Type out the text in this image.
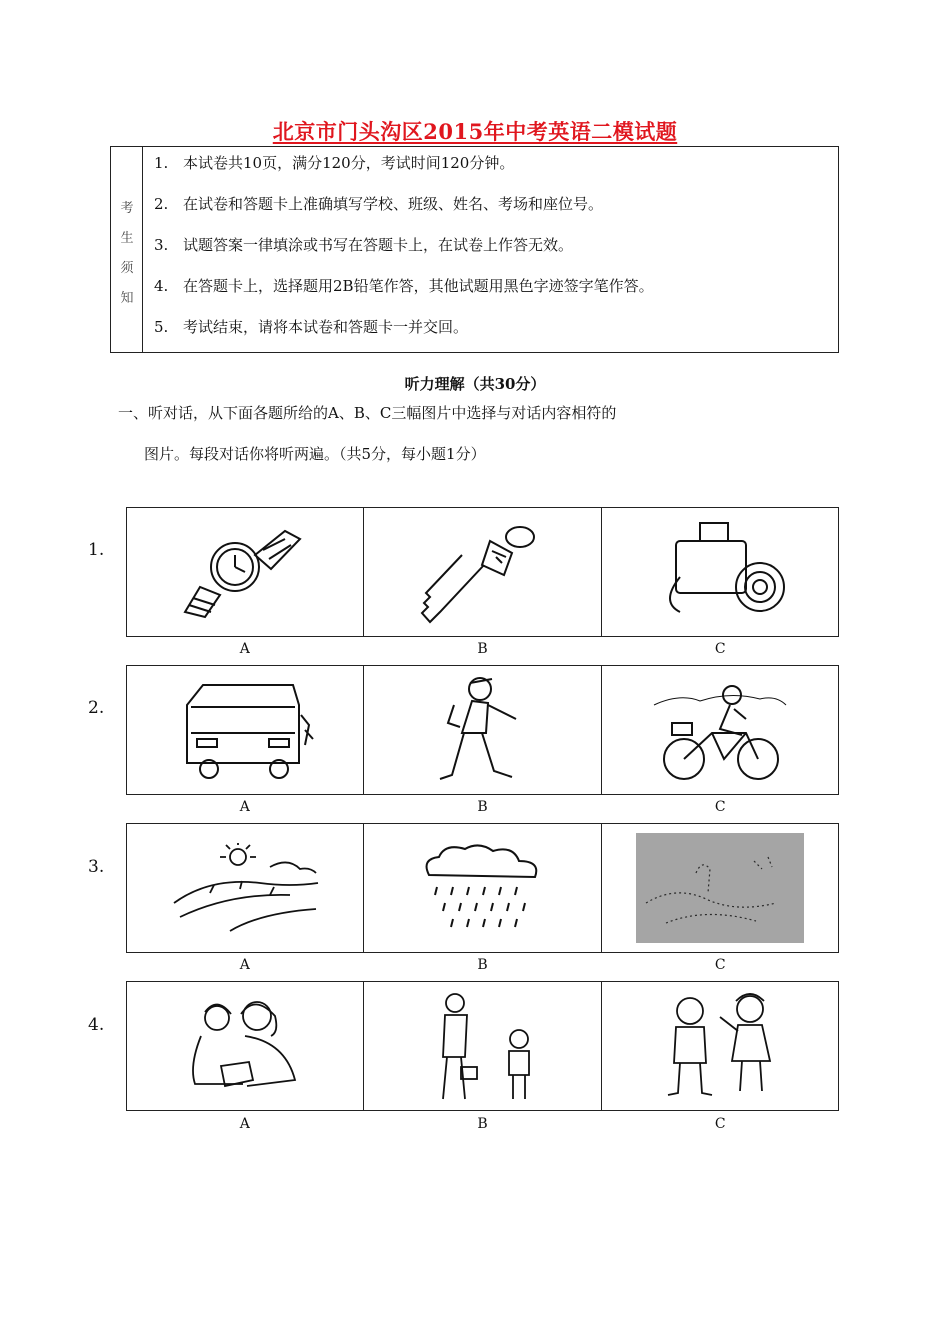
北京市门头沟区2015年中考英语二模试题
考
生
须
知
1. 本试卷共10页，满分120分，考试时间120分钟。
2. 在试卷和答题卡上准确填写学校、班级、姓名、考场和座位号。
3. 试题答案一律填涂或书写在答题卡上，在试卷上作答无效。
4. 在答题卡上，选择题用2B铅笔作答，其他试题用黑色字迹签字笔作答。
5. 考试结束，请将本试卷和答题卡一并交回。
听力理解（共30分）
一、听对话，从下面各题所给的A、B、C三幅图片中选择与对话内容相符的
图片。每段对话你将听两遍。（共5分，每小题1分）
1.
A	B	C
2.
A	B	C
3.
A	B	C
4.
A	B	C
